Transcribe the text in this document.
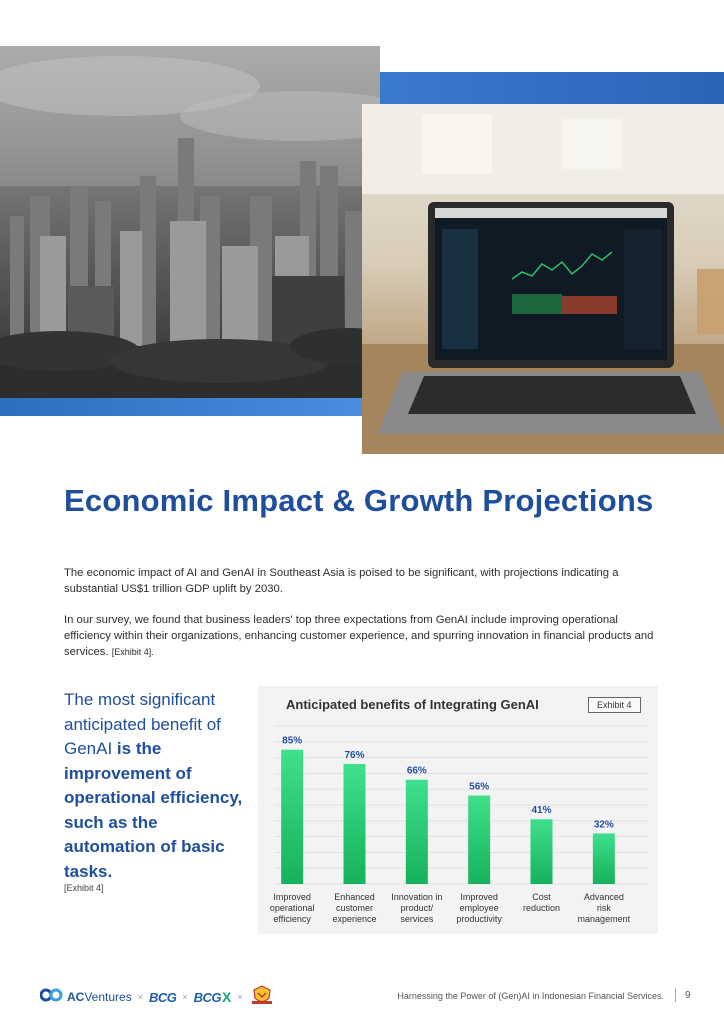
Economic Impact & Growth Projections

The economic impact of AI and GenAI in Southeast Asia is poised to be significant, with projections indicating a substantial US$1 trillion GDP uplift by 2030.

In our survey, we found that business leaders' top three expectations from GenAI include improving operational efficiency within their organizations, enhancing customer experience, and spurring innovation in financial products and services. [Exhibit 4].

The most significant anticipated benefit of GenAI is the improvement of operational efficiency, such as the automation of basic tasks.

[Exhibit 4]
85%
Improved operational efficiency
76%
Enhanced customer experience
66%
Innovation in product/ services
56%
Improved employee productivity
41%
Cost reduction
32%
Advanced risk management
Anticipated benefits of Integrating GenAI	Exhibit 4
ACVentures × BCG × BCG X ×	Harnessing the Power of (Gen)AI in Indonesian Financial Services. 9
